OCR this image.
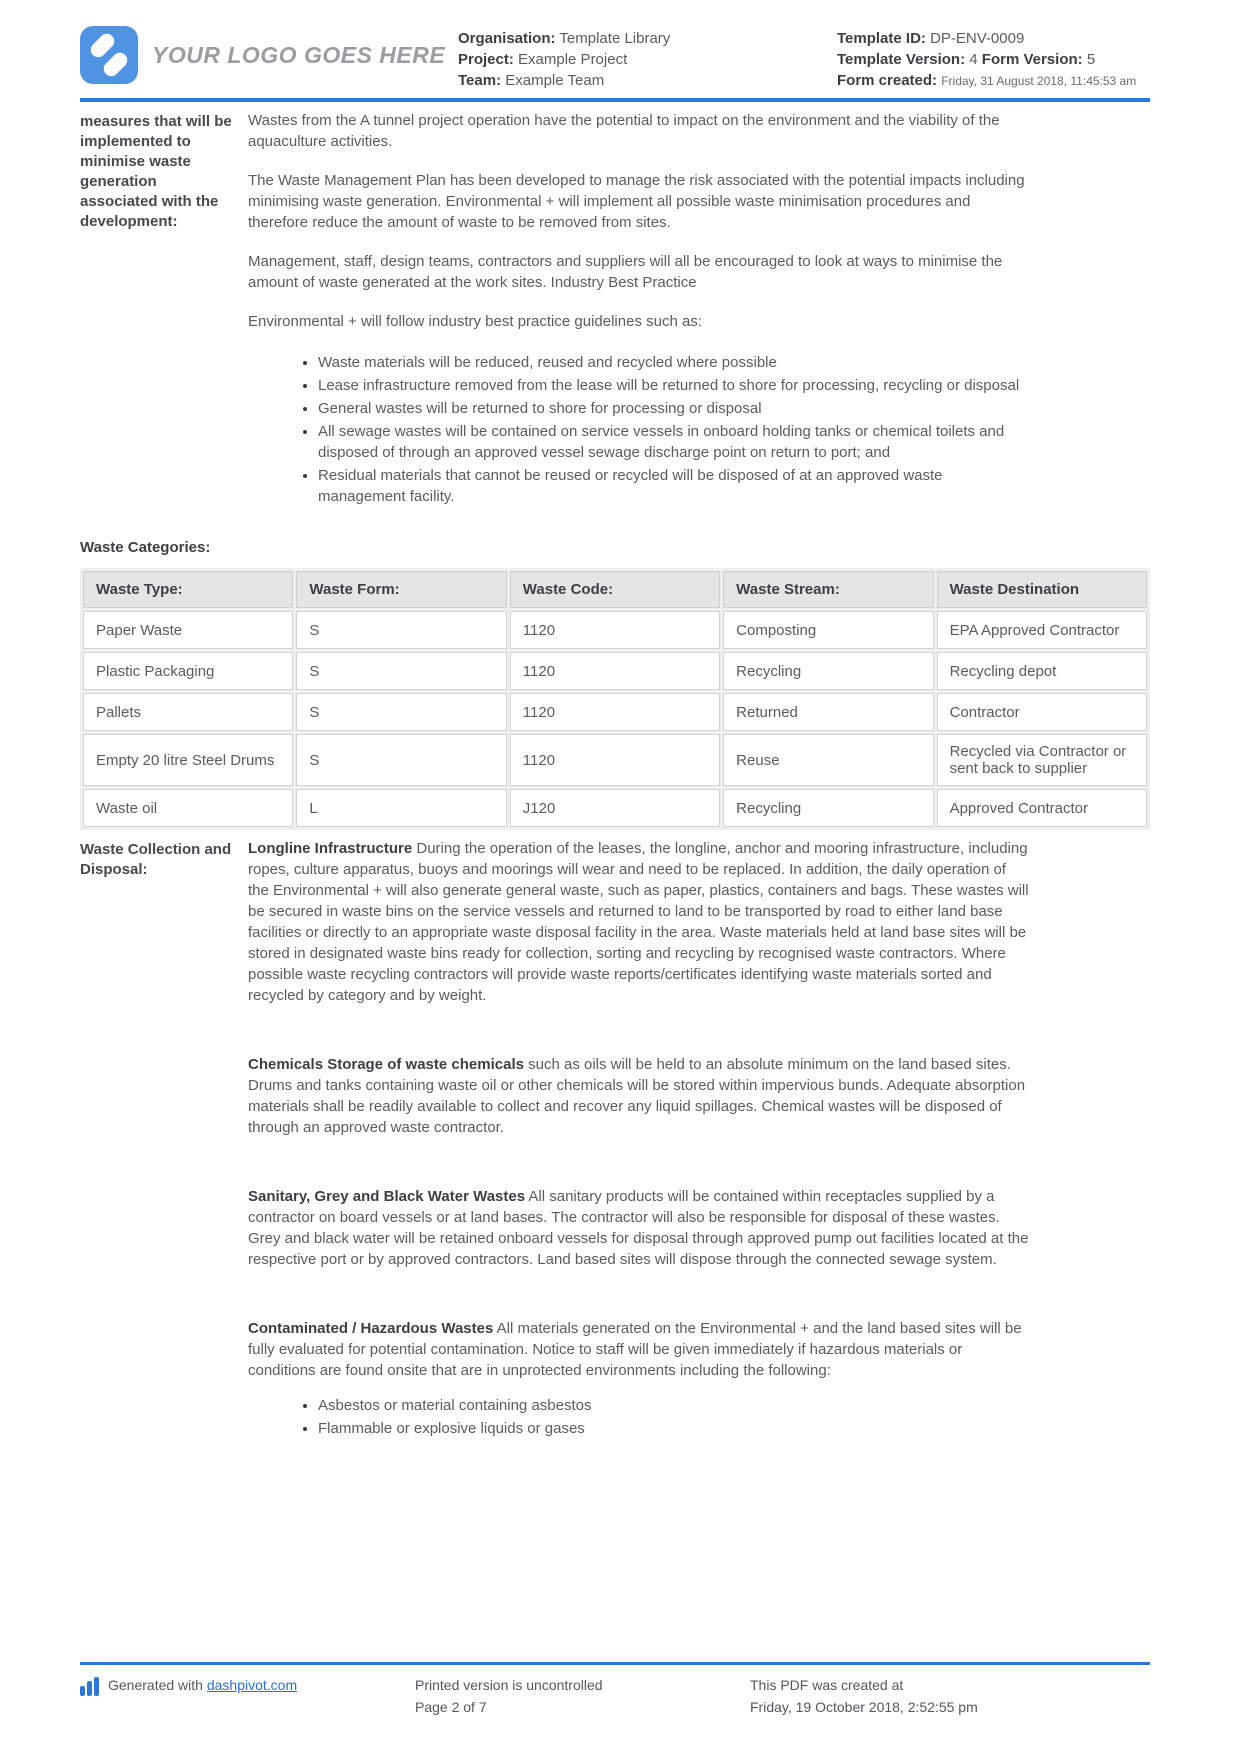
YOUR LOGO GOES HERE
Organisation: Template Library
Project: Example Project
Team: Example Team
Template ID: DP-ENV-0009
Template Version: 4 Form Version: 5
Form created: Friday, 31 August 2018, 11:45:53 am
measures that will be implemented to minimise waste generation associated with the development:

Wastes from the A tunnel project operation have the potential to impact on the environment and the viability of the aquaculture activities.

The Waste Management Plan has been developed to manage the risk associated with the potential impacts including minimising waste generation. Environmental + will implement all possible waste minimisation procedures and therefore reduce the amount of waste to be removed from sites.

Management, staff, design teams, contractors and suppliers will all be encouraged to look at ways to minimise the amount of waste generated at the work sites. Industry Best Practice

Environmental + will follow industry best practice guidelines such as:

• Waste materials will be reduced, reused and recycled where possible
• Lease infrastructure removed from the lease will be returned to shore for processing, recycling or disposal
• General wastes will be returned to shore for processing or disposal
• All sewage wastes will be contained on service vessels in onboard holding tanks or chemical toilets and disposed of through an approved vessel sewage discharge point on return to port; and
• Residual materials that cannot be reused or recycled will be disposed of at an approved waste management facility.
Waste Categories:
Waste Type:	Waste Form:	Waste Code:	Waste Stream:	Waste Destination
Paper Waste	S	1120	Composting	EPA Approved Contractor
Plastic Packaging	S	1120	Recycling	Recycling depot
Pallets	S	1120	Returned	Contractor
Empty 20 litre Steel Drums	S	1120	Reuse	Recycled via Contractor or sent back to supplier
Waste oil	L	J120	Recycling	Approved Contractor
Waste Collection and Disposal:
Longline Infrastructure During the operation of the leases, the longline, anchor and mooring infrastructure, including ropes, culture apparatus, buoys and moorings will wear and need to be replaced. In addition, the daily operation of the Environmental + will also generate general waste, such as paper, plastics, containers and bags. These wastes will be secured in waste bins on the service vessels and returned to land to be transported by road to either land base facilities or directly to an appropriate waste disposal facility in the area. Waste materials held at land base sites will be stored in designated waste bins ready for collection, sorting and recycling by recognised waste contractors. Where possible waste recycling contractors will provide waste reports/certificates identifying waste materials sorted and recycled by category and by weight.
Chemicals Storage of waste chemicals such as oils will be held to an absolute minimum on the land based sites. Drums and tanks containing waste oil or other chemicals will be stored within impervious bunds. Adequate absorption materials shall be readily available to collect and recover any liquid spillages. Chemical wastes will be disposed of through an approved waste contractor.
Sanitary, Grey and Black Water Wastes All sanitary products will be contained within receptacles supplied by a contractor on board vessels or at land bases. The contractor will also be responsible for disposal of these wastes. Grey and black water will be retained onboard vessels for disposal through approved pump out facilities located at the respective port or by approved contractors. Land based sites will dispose through the connected sewage system.
Contaminated / Hazardous Wastes All materials generated on the Environmental + and the land based sites will be fully evaluated for potential contamination. Notice to staff will be given immediately if hazardous materials or conditions are found onsite that are in unprotected environments including the following:
• Asbestos or material containing asbestos
• Flammable or explosive liquids or gases
Generated with dashpivot.com	Printed version is uncontrolled
Page 2 of 7
This PDF was created at
Friday, 19 October 2018, 2:52:55 pm
